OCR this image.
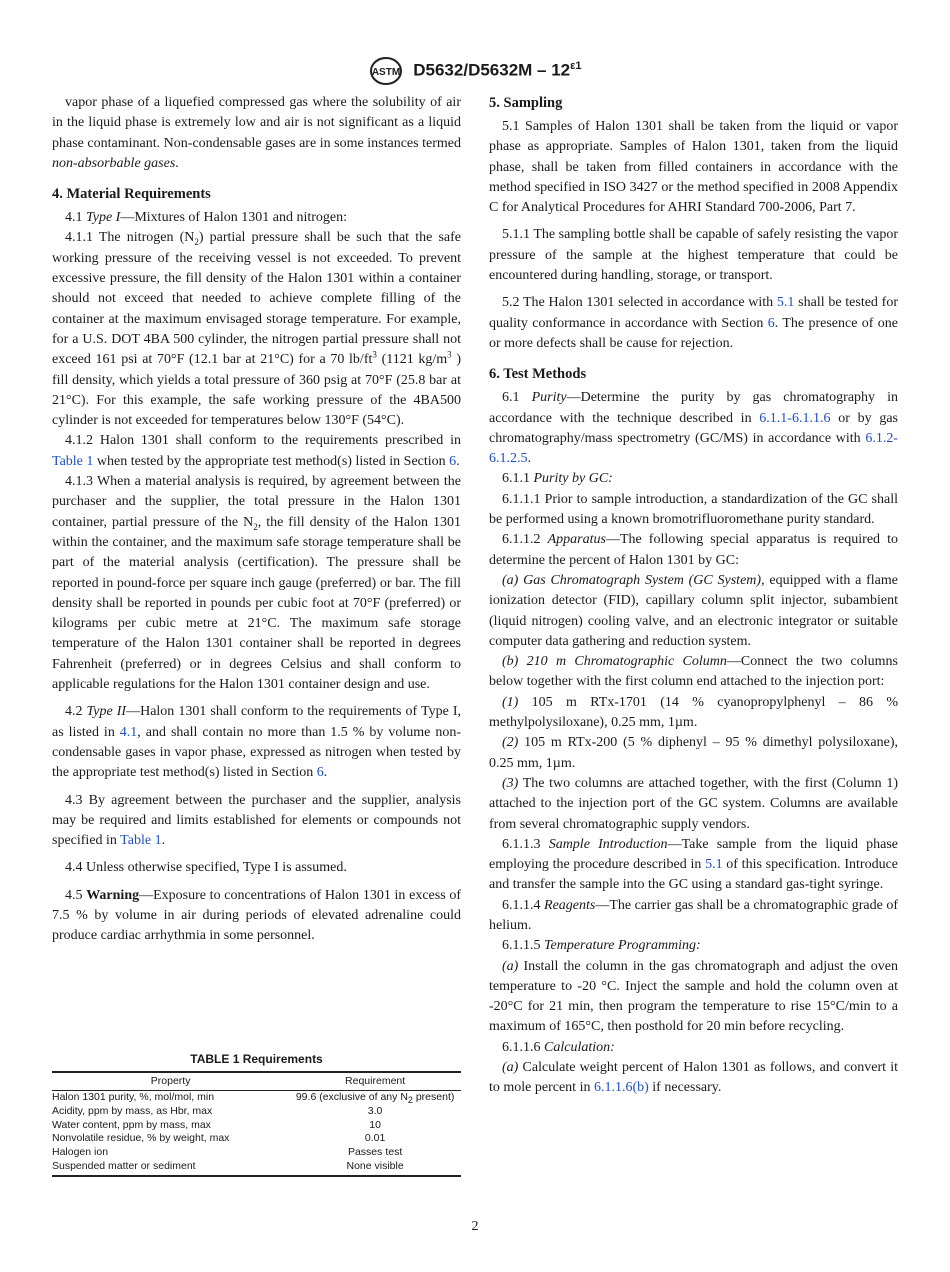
ASTM $D5632/D5632M - 12^{\varepsilon 1}$

vapor phase of a liquefied compressed gas where the solubility of air in the liquid phase is extremely low and air is not significant as a liquid phase contaminant. Non-condensable gases are in some instances termed non-absorbable gases.

4. Material Requirements

4.1 Type I—Mixtures of Halon 1301 and nitrogen:

4.1.1 The nitrogen $(N_2)$ partial pressure shall be such that the safe working pressure of the receiving vessel is not exceeded. To prevent excessive pressure, the fill density of the Halon 1301 within a container should not exceed that needed to achieve complete filling of the container at the maximum envisaged storage temperature. For example, for a U.S. DOT 4BA 500 cylinder, the nitrogen partial pressure shall not exceed 161 psi at 70°F (12.1 bar at 21°C) for a 70 $lb/ft^3$ (1121 $kg/m^3$ ) fill density, which yields a total pressure of 360 psig at 70°F (25.8 bar at 21°C). For this example, the safe working pressure of the 4BA500 cylinder is not exceeded for temperatures below 130°F (54°C).

4.1.2 Halon 1301 shall conform to the requirements prescribed in Table 1 when tested by the appropriate test method(s) listed in Section 6.

4.1.3 When a material analysis is required, by agreement between the purchaser and the supplier, the total pressure in the Halon 1301 container, partial pressure of the $N_2$, the fill density of the Halon 1301 within the container, and the maximum safe storage temperature shall be part of the material analysis (certification). The pressure shall be reported in pound-force per square inch gauge (preferred) or bar. The fill density shall be reported in pounds per cubic foot at 70°F (preferred) or kilograms per cubic metre at 21°C. The maximum safe storage temperature of the Halon 1301 container shall be reported in degrees Fahrenheit (preferred) or in degrees Celsius and shall conform to applicable regulations for the Halon 1301 container design and use.

4.2 Type II—Halon 1301 shall conform to the requirements of Type I, as listed in 4.1, and shall contain no more than 1.5 % by volume non-condensable gases in vapor phase, expressed as nitrogen when tested by the appropriate test method(s) listed in Section 6.

4.3 By agreement between the purchaser and the supplier, analysis may be required and limits established for elements or compounds not specified in Table 1.

4.4 Unless otherwise specified, Type I is assumed.

4.5 Warning—Exposure to concentrations of Halon 1301 in excess of 7.5 % by volume in air during periods of elevated adrenaline could produce cardiac arrhythmia in some personnel.

5. Sampling

5.1 Samples of Halon 1301 shall be taken from the liquid or vapor phase as appropriate. Samples of Halon 1301, taken from the liquid phase, shall be taken from filled containers in accordance with the method specified in ISO 3427 or the method specified in 2008 Appendix C for Analytical Procedures for AHRI Standard 700-2006, Part 7.

5.1.1 The sampling bottle shall be capable of safely resisting the vapor pressure of the sample at the highest temperature that could be encountered during handling, storage, or transport.

5.2 The Halon 1301 selected in accordance with 5.1 shall be tested for quality conformance in accordance with Section 6. The presence of one or more defects shall be cause for rejection.

6. Test Methods

6.1 Purity—Determine the purity by gas chromatography in accordance with the technique described in 6.1.1-6.1.1.6 or by gas chromatography/mass spectrometry (GC/MS) in accordance with 6.1.2-6.1.2.5.

6.1.1 Purity by GC:

6.1.1.1 Prior to sample introduction, a standardization of the GC shall be performed using a known bromotrifluoromethane purity standard.

6.1.1.2 Apparatus—The following special apparatus is required to determine the percent of Halon 1301 by GC:

(a) Gas Chromatograph System (GC System), equipped with a flame ionization detector (FID), capillary column split injector, subambient (liquid nitrogen) cooling valve, and an electronic integrator or suitable computer data gathering and reduction system.

(b) 210 m Chromatographic Column—Connect the two columns below together with the first column end attached to the injection port:

(1) 105 m RTx-1701 (14 % cyanopropylphenyl – 86 % methylpolysiloxane), 0.25 mm, 1µm.

(2) 105 m RTx-200 (5 % diphenyl – 95 % dimethyl polysiloxane), 0.25 mm, 1µm.

(3) The two columns are attached together, with the first (Column 1) attached to the injection port of the GC system. Columns are available from several chromatographic supply vendors.

6.1.1.3 Sample Introduction—Take sample from the liquid phase employing the procedure described in 5.1 of this specification. Introduce and transfer the sample into the GC using a standard gas-tight syringe.

6.1.1.4 Reagents—The carrier gas shall be a chromatographic grade of helium.

6.1.1.5 Temperature Programming:

(a) Install the column in the gas chromatograph and adjust the oven temperature to -20 °C. Inject the sample and hold the column oven at -20°C for 21 min, then program the temperature to rise 15°C/min to a maximum of 165°C, then posthold for 20 min before recycling.

6.1.1.6 Calculation:

(a) Calculate weight percent of Halon 1301 as follows, and convert it to mole percent in 6.1.1.6(b) if necessary.

TABLE 1 Requirements
Property	Requirement
Halon 1301 purity, %, mol/mol, min	99.6 (exclusive of any $N_2$ present)
Acidity, ppm by mass, as Hbr, max	3.0
Water content, ppm by mass, max	10
Nonvolatile residue, % by weight, max	0.01
Halogen ion	Passes test
Suspended matter or sediment	None visible
2
